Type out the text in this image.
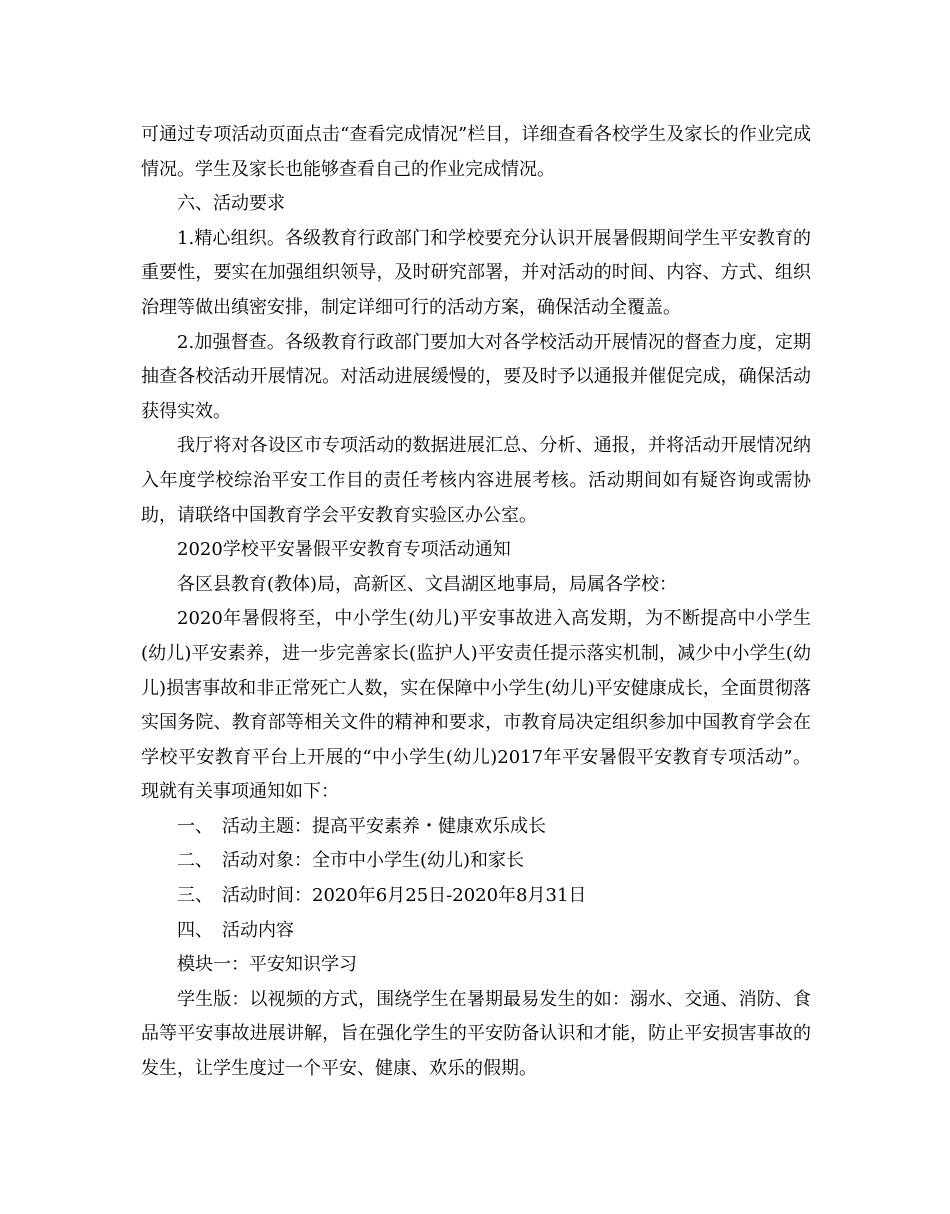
可通过专项活动页面点击“查看完成情况”栏目，详细查看各校学生及家长的作业完成情况。学生及家长也能够查看自己的作业完成情况。

六、活动要求

1.精心组织。各级教育行政部门和学校要充分认识开展暑假期间学生平安教育的重要性，要实在加强组织领导，及时研究部署，并对活动的时间、内容、方式、组织治理等做出缜密安排，制定详细可行的活动方案，确保活动全覆盖。

2.加强督查。各级教育行政部门要加大对各学校活动开展情况的督查力度，定期抽查各校活动开展情况。对活动进展缓慢的，要及时予以通报并催促完成，确保活动获得实效。

我厅将对各设区市专项活动的数据进展汇总、分析、通报，并将活动开展情况纳入年度学校综治平安工作目的责任考核内容进展考核。活动期间如有疑咨询或需协助，请联络中国教育学会平安教育实验区办公室。

2020学校平安暑假平安教育专项活动通知

各区县教育(教体)局，高新区、文昌湖区地事局，局属各学校：

2020年暑假将至，中小学生(幼儿)平安事故进入高发期，为不断提高中小学生(幼儿)平安素养，进一步完善家长(监护人)平安责任提示落实机制，减少中小学生(幼儿)损害事故和非正常死亡人数，实在保障中小学生(幼儿)平安健康成长，全面贯彻落实国务院、教育部等相关文件的精神和要求，市教育局决定组织参加中国教育学会在学校平安教育平台上开展的“中小学生(幼儿)2017年平安暑假平安教育专项活动”。现就有关事项通知如下：

一、　活动主题：提高平安素养・健康欢乐成长

二、　活动对象：全市中小学生(幼儿)和家长

三、　活动时间：2020年6月25日-2020年8月31日

四、　活动内容

模块一：平安知识学习

学生版：以视频的方式，围绕学生在暑期最易发生的如：溺水、交通、消防、食品等平安事故进展讲解，旨在强化学生的平安防备认识和才能，防止平安损害事故的发生，让学生度过一个平安、健康、欢乐的假期。
